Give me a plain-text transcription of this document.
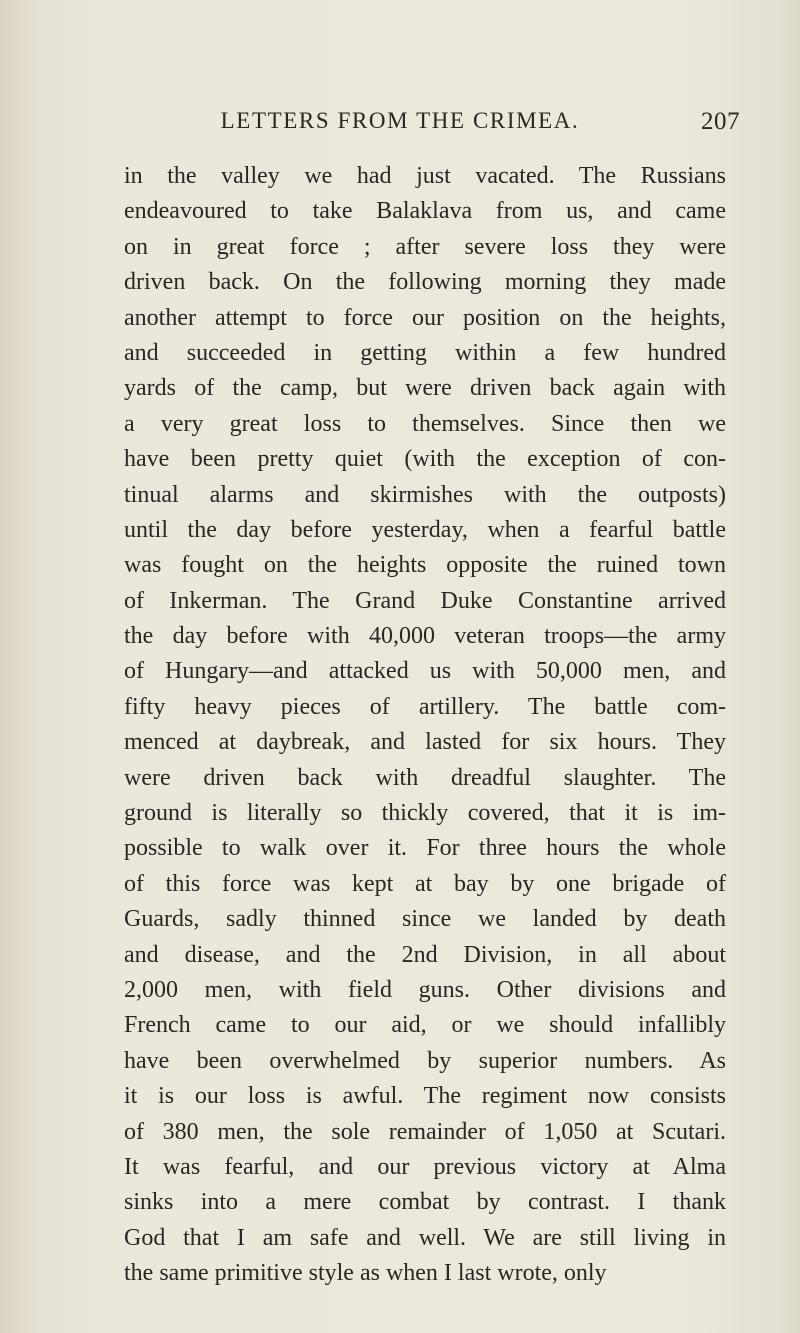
LETTERS FROM THE CRIMEA.	207
in the valley we had just vacated. The Russians
endeavoured to take Balaklava from us, and came
on in great force ; after severe loss they were
driven back. On the following morning they made
another attempt to force our position on the heights,
and succeeded in getting within a few hundred
yards of the camp, but were driven back again with
a very great loss to themselves. Since then we
have been pretty quiet (with the exception of con-
tinual alarms and skirmishes with the outposts)
until the day before yesterday, when a fearful battle
was fought on the heights opposite the ruined town
of Inkerman. The Grand Duke Constantine arrived
the day before with 40,000 veteran troops—the army
of Hungary—and attacked us with 50,000 men, and
fifty heavy pieces of artillery. The battle com-
menced at daybreak, and lasted for six hours. They
were driven back with dreadful slaughter. The
ground is literally so thickly covered, that it is im-
possible to walk over it. For three hours the whole
of this force was kept at bay by one brigade of
Guards, sadly thinned since we landed by death
and disease, and the 2nd Division, in all about
2,000 men, with field guns. Other divisions and
French came to our aid, or we should infallibly
have been overwhelmed by superior numbers. As
it is our loss is awful. The regiment now consists
of 380 men, the sole remainder of 1,050 at Scutari.
It was fearful, and our previous victory at Alma
sinks into a mere combat by contrast. I thank
God that I am safe and well. We are still living in
the same primitive style as when I last wrote, only
